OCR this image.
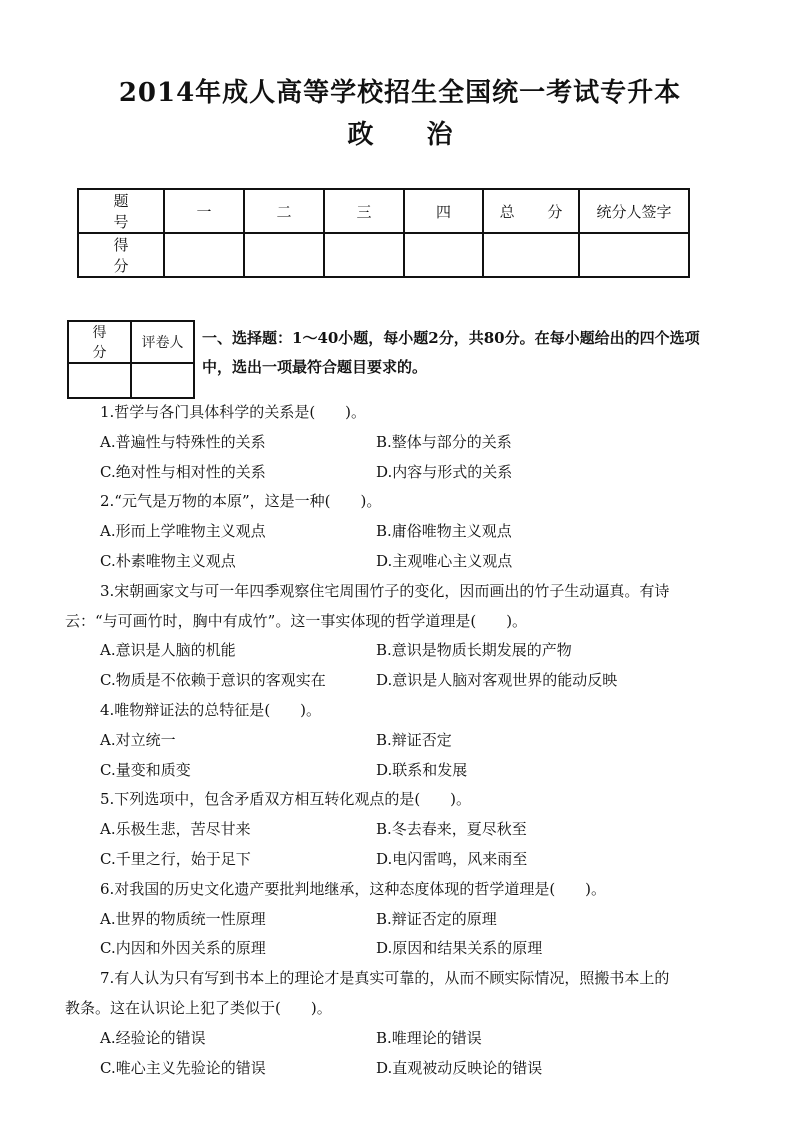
2014年成人高等学校招生全国统一考试专升本
政 治
题 号	一	二	三	四	总 分	统分人签字
得 分						
得 分	评卷人
	一、选择题：1～40小题，每小题2分，共80分。在每小题给出的四个选项中，选出一项最符合题目要求的。
1.哲学与各门具体科学的关系是(　　)。
A.普遍性与特殊性的关系	B.整体与部分的关系
C.绝对性与相对性的关系	D.内容与形式的关系
2.“元气是万物的本原”，这是一种(　　)。
A.形而上学唯物主义观点	B.庸俗唯物主义观点
C.朴素唯物主义观点	D.主观唯心主义观点
3.宋朝画家文与可一年四季观察住宅周围竹子的变化，因而画出的竹子生动逼真。有诗
云：“与可画竹时，胸中有成竹”。这一事实体现的哲学道理是(　　)。
A.意识是人脑的机能	B.意识是物质长期发展的产物
C.物质是不依赖于意识的客观实在	D.意识是人脑对客观世界的能动反映
4.唯物辩证法的总特征是(　　)。
A.对立统一	B.辩证否定
C.量变和质变	D.联系和发展
5.下列选项中，包含矛盾双方相互转化观点的是(　　)。
A.乐极生悲，苦尽甘来	B.冬去春来，夏尽秋至
C.千里之行，始于足下	D.电闪雷鸣，风来雨至
6.对我国的历史文化遗产要批判地继承，这种态度体现的哲学道理是(　　)。
A.世界的物质统一性原理	B.辩证否定的原理
C.内因和外因关系的原理	D.原因和结果关系的原理
7.有人认为只有写到书本上的理论才是真实可靠的，从而不顾实际情况，照搬书本上的
教条。这在认识论上犯了类似于(　　)。
A.经验论的错误	B.唯理论的错误
C.唯心主义先验论的错误	D.直观被动反映论的错误
